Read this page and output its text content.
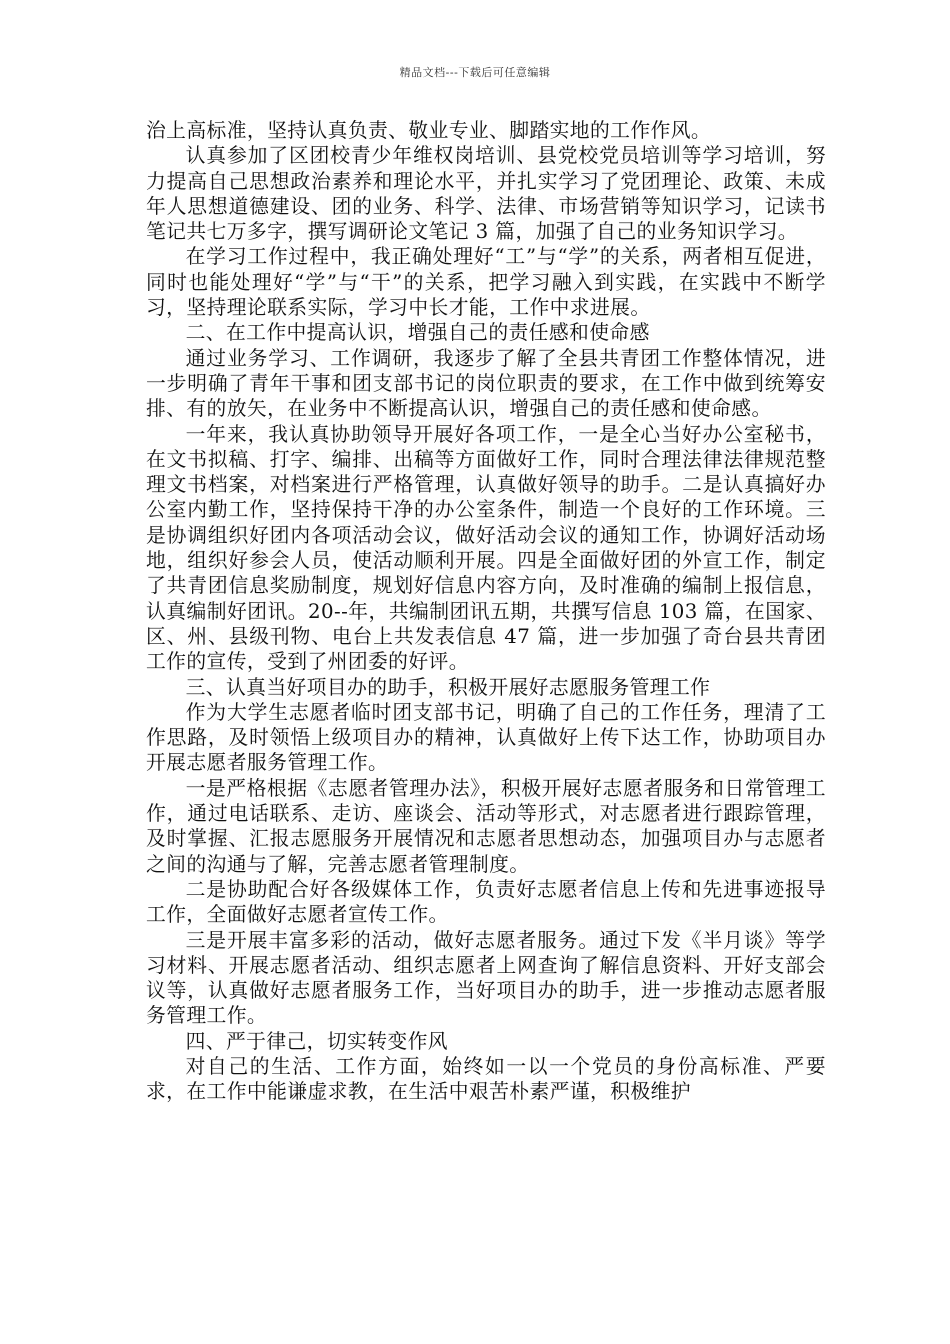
精品文档---下载后可任意编辑

治上高标准，坚持认真负责、敬业专业、脚踏实地的工作作风。

认真参加了区团校青少年维权岗培训、县党校党员培训等学习培训，努力提高自己思想政治素养和理论水平，并扎实学习了党团理论、政策、未成年人思想道德建设、团的业务、科学、法律、市场营销等知识学习，记读书笔记共七万多字，撰写调研论文笔记 3 篇，加强了自己的业务知识学习。

在学习工作过程中，我正确处理好“工”与“学”的关系，两者相互促进，同时也能处理好“学”与“干”的关系，把学习融入到实践，在实践中不断学习，坚持理论联系实际，学习中长才能，工作中求进展。

二、在工作中提高认识，增强自己的责任感和使命感

通过业务学习、工作调研，我逐步了解了全县共青团工作整体情况，进一步明确了青年干事和团支部书记的岗位职责的要求，在工作中做到统筹安排、有的放矢，在业务中不断提高认识，增强自己的责任感和使命感。

一年来，我认真协助领导开展好各项工作，一是全心当好办公室秘书，在文书拟稿、打字、编排、出稿等方面做好工作，同时合理法律法律规范整理文书档案，对档案进行严格管理，认真做好领导的助手。二是认真搞好办公室内勤工作，坚持保持干净的办公室条件，制造一个良好的工作环境。三是协调组织好团内各项活动会议，做好活动会议的通知工作，协调好活动场地，组织好参会人员，使活动顺利开展。四是全面做好团的外宣工作，制定了共青团信息奖励制度，规划好信息内容方向，及时准确的编制上报信息，认真编制好团讯。20--年，共编制团讯五期，共撰写信息 103 篇，在国家、区、州、县级刊物、电台上共发表信息 47 篇，进一步加强了奇台县共青团工作的宣传，受到了州团委的好评。

三、认真当好项目办的助手，积极开展好志愿服务管理工作

作为大学生志愿者临时团支部书记，明确了自己的工作任务，理清了工作思路，及时领悟上级项目办的精神，认真做好上传下达工作，协助项目办开展志愿者服务管理工作。

一是严格根据《志愿者管理办法》，积极开展好志愿者服务和日常管理工作，通过电话联系、走访、座谈会、活动等形式，对志愿者进行跟踪管理，及时掌握、汇报志愿服务开展情况和志愿者思想动态，加强项目办与志愿者之间的沟通与了解，完善志愿者管理制度。

二是协助配合好各级媒体工作，负责好志愿者信息上传和先进事迹报导工作，全面做好志愿者宣传工作。

三是开展丰富多彩的活动，做好志愿者服务。通过下发《半月谈》等学习材料、开展志愿者活动、组织志愿者上网查询了解信息资料、开好支部会议等，认真做好志愿者服务工作，当好项目办的助手，进一步推动志愿者服务管理工作。

四、严于律己，切实转变作风

对自己的生活、工作方面，始终如一以一个党员的身份高标准、严要求，在工作中能谦虚求教，在生活中艰苦朴素严谨，积极维护
